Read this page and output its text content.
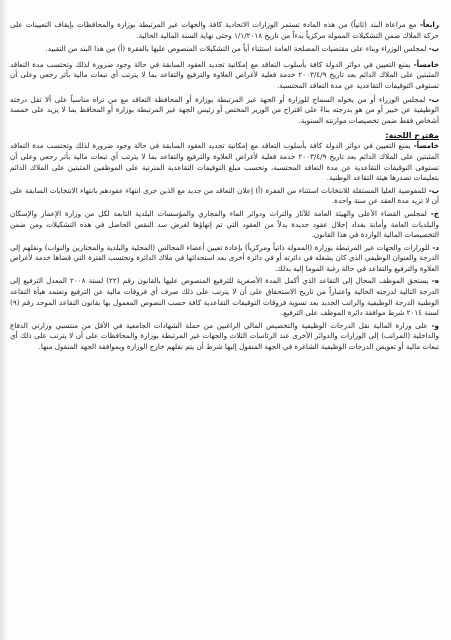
رابعاً- مع مراعاة البند (ثانياً) من هذه المادة تستمر الوزارات الاتحادية كافة والجهات غير المرتبطة بوزارة والمحافظات بإيقاف التعيينات على حركة الملاك ضمن التشكيلات الممولة مركزياً بدءاً من تاريخ ١/١/٢٠١٨ وحتى نهاية السنة المالية الحالية.

ب- لمجلس الوزراء وبناء على مقتضيات المصلحة العامة استثناء أياً من التشكيلات المنصوص عليها بالفقرة (أ) من هذا البند من التقييد.

خامساً- يمنع التعيين في دوائر الدولة كافة بأسلوب التعاقد مع إمكانية تجديد العقود السابقة في حالة وجود ضرورة لذلك وتحتسب مدة التعاقد المثبتين على الملاك الدائم بعد تاريخ ٢٠٠٣/٤/٩ خدمة فعلية لأغراض العلاوة والترفيع والتقاعد بما لا يترتب أي تبعات مالية بأثر رجعي وعلى أن تستوفى التوقيفات التقاعدية عن مدة التعاقد المحتسبة.

ب- لمجلس الوزراء أو من يخوله السماح للوزارة أو الجهة غير المرتبطة بوزارة أو المحافظة التعاقد مع من تراه مناسباً على ألا تقل درجته الوظيفية عن خبير أو من هو بدرجته بناءً على اقتراح من الوزير المختص أو رئيس الجهة غير المرتبطة بوزارة أو المحافظ بما لا يزيد على خمسة أشخاص فقط ضمن تخصيصات موازنته السنوية.

مقترح اللجنة:

خامساً- يمنع التعيين في دوائر الدولة كافة بأسلوب التعاقد مع إمكانية تجديد العقود السابقة في حالة وجود ضرورة لذلك وتحتسب مدة التعاقد المثبتين على الملاك الدائم بعد تاريخ ٢٠٠٣/٤/٩ خدمة فعلية لأغراض العلاوة والترفيع والتقاعد بما لا يترتب أي تبعات مالية بأثر رجعي وعلى أن تستوفى التوقيفات التقاعدية عن مدة التعاقد المحتسبة، وتحسب مبلغ التوقيفات التقاعدية المترتبة على الموظفين المثبتين على الملاك الدائم بتعليمات تصدرها هيئة التقاعد الوطنية.

ب- للمفوضية العليا المستقلة للانتخابات استثناء من الفقرة (أ) إعلان التعاقد من جديد مع الذين جرى انتهاء عقودهم بانتهاء الانتخابات السابقة على أن لا تزيد مدة العقد عن سنة واحدة.

ج- لمجلس القضاء الأعلى والهيئة العامة للآثار والتراث ودوائر الماء والمجاري والمؤسسات البلدية التابعة لكل من وزارة الإعمار والإسكان والبلديات العامة وأمانة بغداد إحلال عقود جديدة بدلاً من العقود التي تم إنهاؤها لغرض سد النقص الحاصل في هذه التشكيلات ومن ضمن التخصيصات المالية الواردة في هذا القانون.

د- للوزارات والجهات غير المرتبطة بوزارة (الممولة ذاتياً ومركزياً) بإعادة تعيين أعضاء المجالس (المحلية والبلدية والمختارين والنواب) ونقلهم إلى الدرجة والعنوان الوظيفي الذي كان يشغله في دائرته أو في دائرة أخرى بعد استحداثها في ملاك الدائرة وتحتسب الفترة التي قضاها خدمة لأغراض العلاوة والترفيع والتقاعد في حالة رغبة الموما إليه بذلك.

ه- يستحق الموظف المحال إلى التقاعد الذي أكمل المدة الأصغرية للترفيع المنصوص عليها بالقانون رقم (٢٢) لسنة ٢٠٠٨ المعدل الترفيع إلى الدرجة التالية لدرجته الحالية واعتباراً من تاريخ الاستحقاق على أن لا يترتب على ذلك صرف أي فروقات مالية عن الترفيع وتعتمد هيأة التقاعد الوطنية الدرجة الوظيفية والراتب الجديد بعد تسوية فروقات التوقيفات التقاعدية كافة حسب النصوص المعمول بها بقانون التقاعد الموحد رقم (٩) لسنة ٢٠١٤ شرط موافقة دائرة الموظف على الترفيع.

و- على وزارة المالية نقل الدرجات الوظيفية والتخصيص المالي الراغبين من حملة الشهادات الجامعية في الأقل من منتسبي وزارتي الدفاع والداخلية (المراتب) إلى الوزارات والدوائر الأخرى عند الرئاسات الثلاث والجهات غير المرتبطة بوزارة والمحافظات على أن لا يترتب على ذلك أي تبعات مالية أو تعويض الدرجات الوظيفية الشاغرة في الجهة المنقول إليها شرط أن يتم نقلهم خارج الوزارة وبموافقة الجهة المنقول منها.
